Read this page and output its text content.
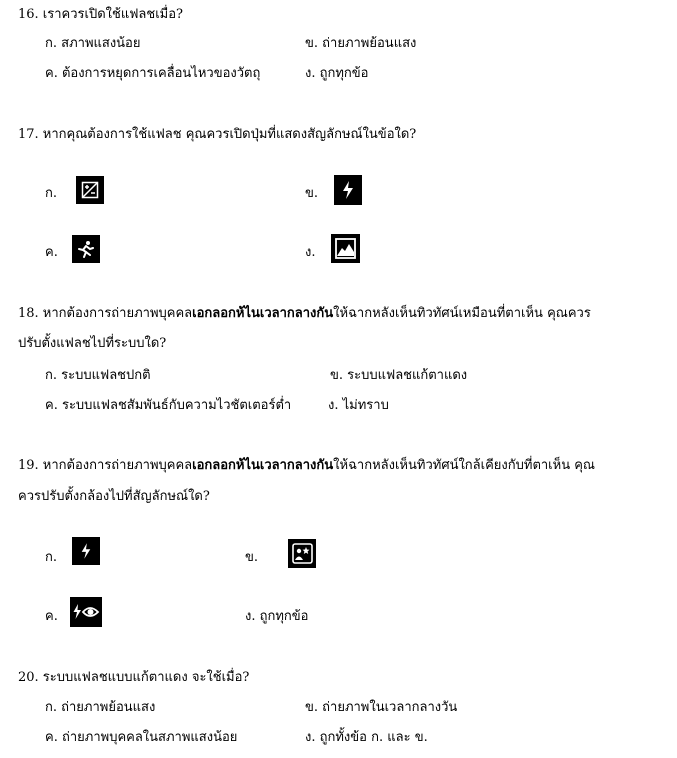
16. เราควรเปิดใช้แฟลชเมื่อ?
ก. สภาพแสงน้อย	ข. ถ่ายภาพย้อนแสง
ค. ต้องการหยุดการเคลื่อนไหวของวัตถุ	ง. ถูกทุกข้อ
17. หากคุณต้องการใช้แฟลช คุณควรเปิดปุ่มที่แสดงสัญลักษณ์ในข้อใด?
ก.	ข.
ค.	ง.
18. หากต้องการถ่ายภาพบุคคลเอกลอกห้ไนเวลากลางกันให้ฉากหลังเห็นทิวทัศน์เหมือนที่ตาเห็น คุณควร
ปรับตั้งแฟลชไปที่ระบบใด?
ก. ระบบแฟลชปกติ	ข. ระบบแฟลชแก้ตาแดง
ค. ระบบแฟลชสัมพันธ์กับความไวชัตเตอร์ต่ำ	ง. ไม่ทราบ
19. หากต้องการถ่ายภาพบุคคลเอกลอกห้ไนเวลากลางกันให้ฉากหลังเห็นทิวทัศน์ใกล้เคียงกับที่ตาเห็น คุณ
ควรปรับตั้งกล้องไปที่สัญลักษณ์ใด?
ก.	ข.
ค.	ง. ถูกทุกข้อ
20. ระบบแฟลชแบบแก้ตาแดง จะใช้เมื่อ?
ก. ถ่ายภาพย้อนแสง	ข. ถ่ายภาพในเวลากลางวัน
ค. ถ่ายภาพบุคคลในสภาพแสงน้อย	ง. ถูกทั้งข้อ ก. และ ข.
